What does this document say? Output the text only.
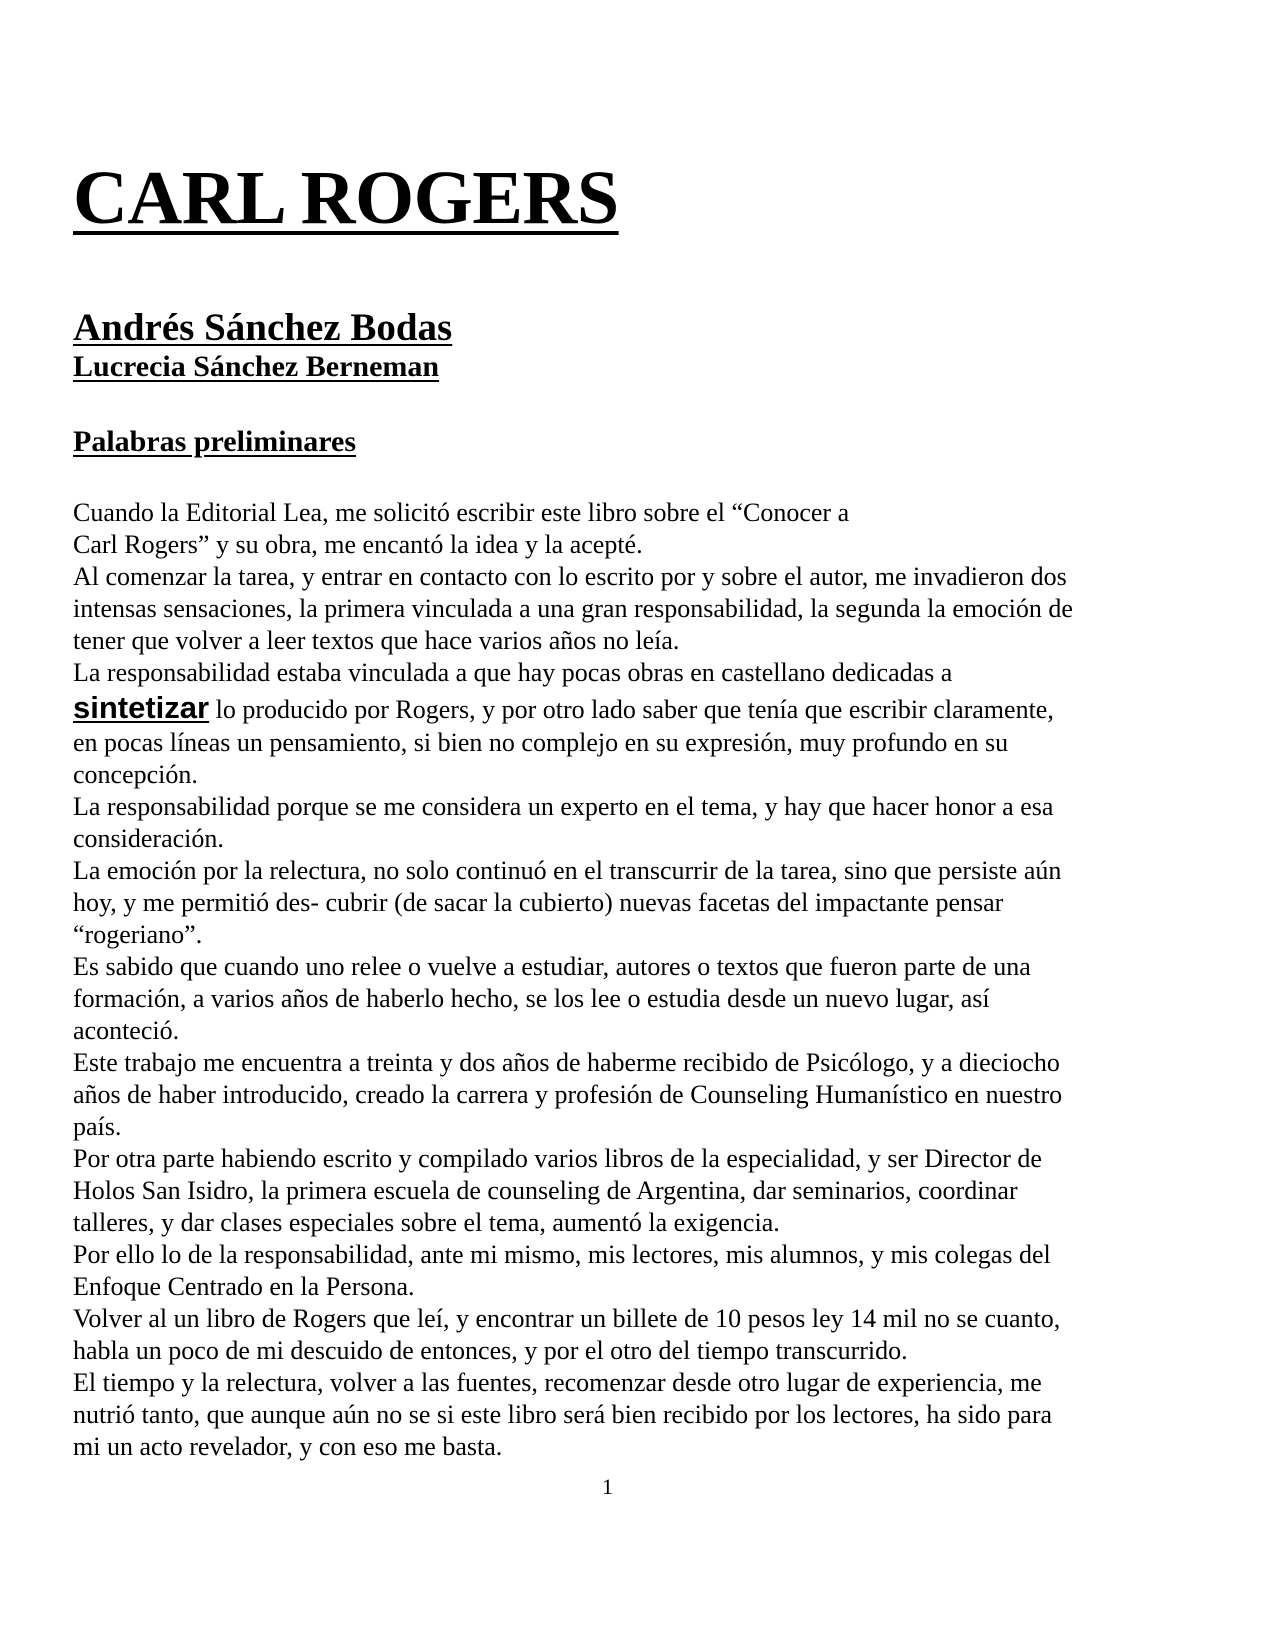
CARL ROGERS
Andrés Sánchez Bodas
Lucrecia Sánchez Berneman
Palabras preliminares
Cuando la Editorial Lea, me solicitó escribir este libro sobre el “Conocer a
Carl Rogers” y su obra, me encantó la idea y la acepté.
Al comenzar la tarea, y entrar en contacto con lo escrito por y sobre el autor, me invadieron dos
intensas sensaciones, la primera vinculada a una gran responsabilidad, la segunda la emoción de
tener que volver a leer textos que hace varios años no leía.
La responsabilidad estaba vinculada a que hay pocas obras en castellano dedicadas a
sintetizar lo producido por Rogers, y por otro lado saber que tenía que escribir claramente,
en pocas líneas un pensamiento, si bien no complejo en su expresión, muy profundo en su
concepción.
La responsabilidad porque se me considera un experto en el tema, y hay que hacer honor a esa
consideración.
La emoción por la relectura, no solo continuó en el transcurrir de la tarea, sino que persiste aún
hoy, y me permitió des- cubrir (de sacar la cubierto) nuevas facetas del impactante pensar
“rogeriano”.
Es sabido que cuando uno relee o vuelve a estudiar, autores o textos que fueron parte de una
formación, a varios años de haberlo hecho, se los lee o estudia desde un nuevo lugar, así
aconteció.
Este trabajo me encuentra a treinta y dos años de haberme recibido de Psicólogo, y a dieciocho
años de haber introducido, creado la carrera y profesión de Counseling Humanístico en nuestro
país.
Por otra parte habiendo escrito y compilado varios libros de la especialidad, y ser Director de
Holos San Isidro, la primera escuela de counseling de Argentina, dar seminarios, coordinar
talleres, y dar clases especiales sobre el tema, aumentó la exigencia.
Por ello lo de la responsabilidad, ante mi mismo, mis lectores, mis alumnos, y mis colegas del
Enfoque Centrado en la Persona.
Volver al un libro de Rogers que leí, y encontrar un billete de 10 pesos ley 14 mil no se cuanto,
habla un poco de mi descuido de entonces, y por el otro del tiempo transcurrido.
El tiempo y la relectura, volver a las fuentes, recomenzar desde otro lugar de experiencia, me
nutrió tanto, que aunque aún no se si este libro será bien recibido por los lectores, ha sido para
mi un acto revelador, y con eso me basta.
1
